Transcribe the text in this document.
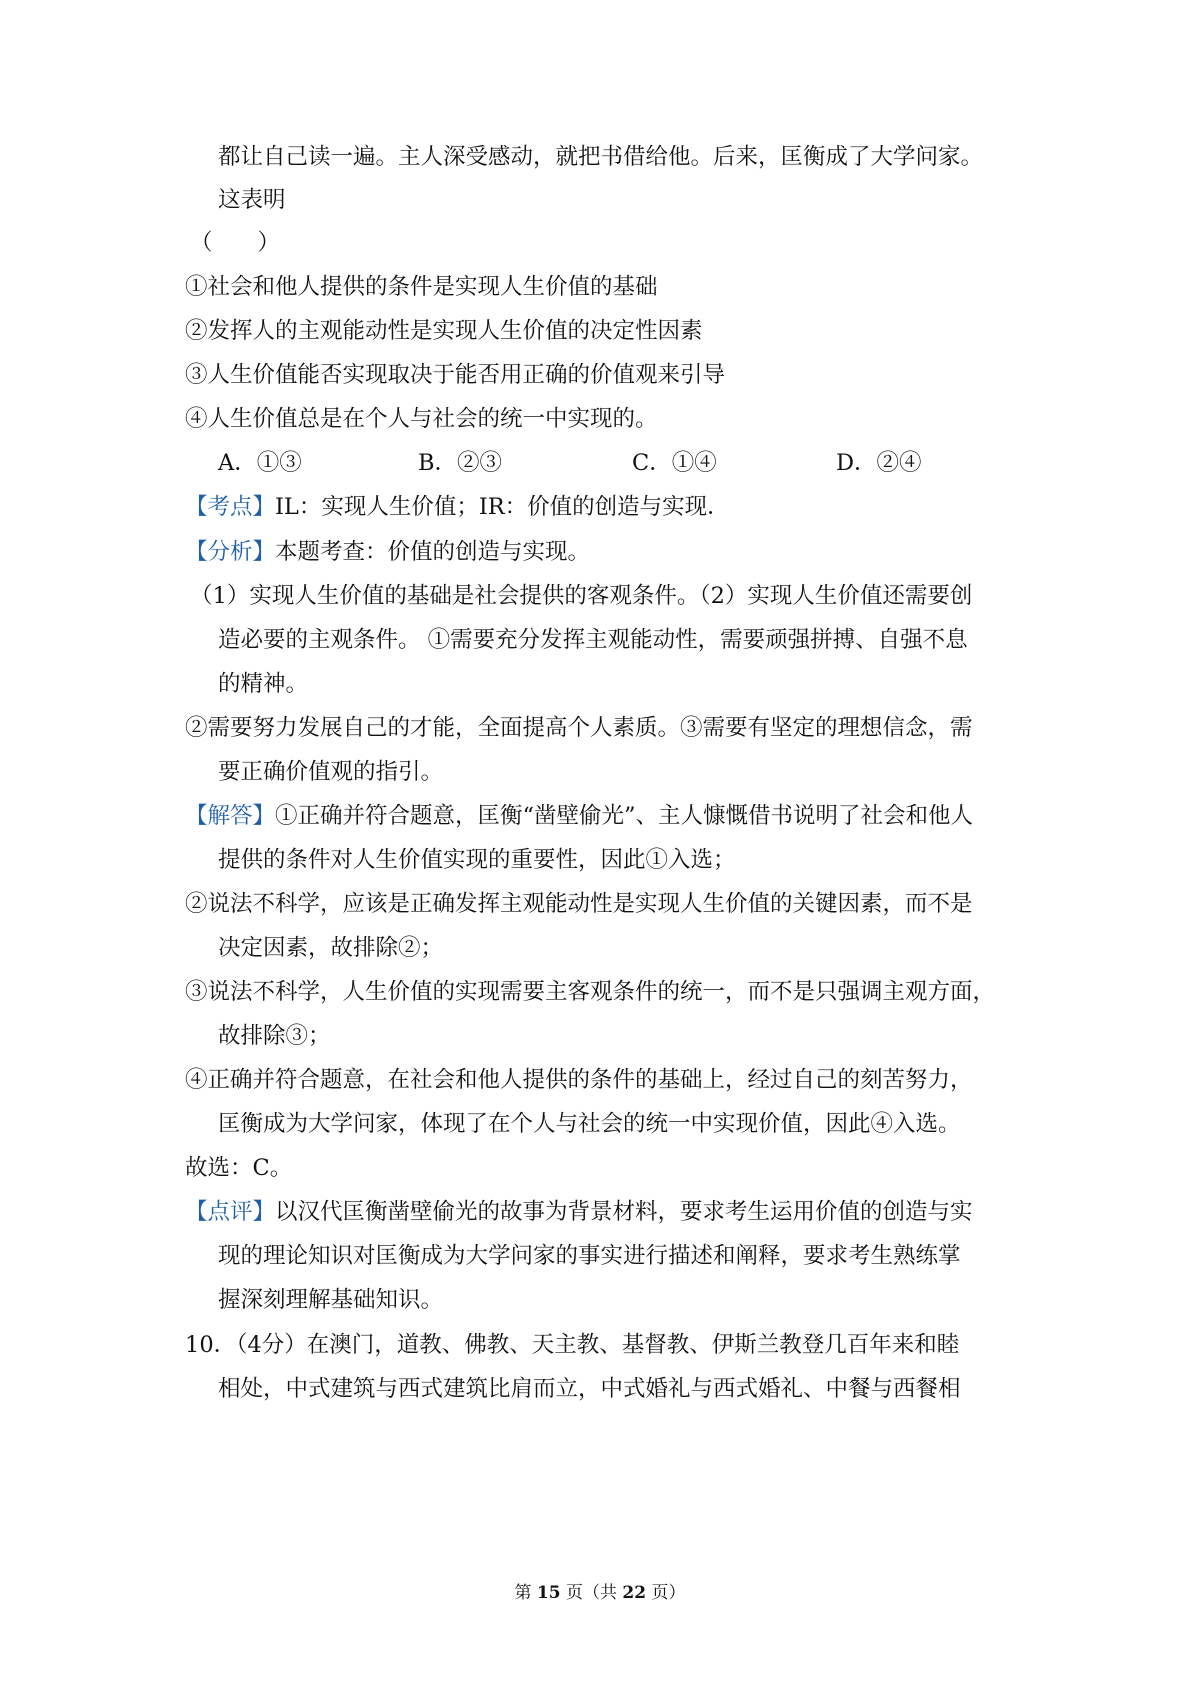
都让自己读一遍。主人深受感动，就把书借给他。后来，匡衡成了大学问家。
这表明
（　　）
①社会和他人提供的条件是实现人生价值的基础
②发挥人的主观能动性是实现人生价值的决定性因素
③人生价值能否实现取决于能否用正确的价值观来引导
④人生价值总是在个人与社会的统一中实现的。
A．①③	B．②③	C．①④	D．②④
【考点】IL：实现人生价值；IR：价值的创造与实现．
【分析】本题考查：价值的创造与实现。
（1）实现人生价值的基础是社会提供的客观条件。（2）实现人生价值还需要创
造必要的主观条件。 ①需要充分发挥主观能动性，需要顽强拼搏、自强不息
的精神。
②需要努力发展自己的才能，全面提高个人素质。③需要有坚定的理想信念，需
要正确价值观的指引。
【解答】①正确并符合题意，匡衡“凿壁偷光”、主人慷慨借书说明了社会和他人
提供的条件对人生价值实现的重要性，因此①入选；
②说法不科学，应该是正确发挥主观能动性是实现人生价值的关键因素，而不是
决定因素，故排除②；
③说法不科学，人生价值的实现需要主客观条件的统一，而不是只强调主观方面，
故排除③；
④正确并符合题意，在社会和他人提供的条件的基础上，经过自己的刻苦努力，
匡衡成为大学问家，体现了在个人与社会的统一中实现价值，因此④入选。
故选：C。
【点评】以汉代匡衡凿壁偷光的故事为背景材料，要求考生运用价值的创造与实
现的理论知识对匡衡成为大学问家的事实进行描述和阐释，要求考生熟练掌
握深刻理解基础知识。
10．（4分）在澳门，道教、佛教、天主教、基督教、伊斯兰教登几百年来和睦
相处，中式建筑与西式建筑比肩而立，中式婚礼与西式婚礼、中餐与西餐相
第 15 页（共 22 页）
